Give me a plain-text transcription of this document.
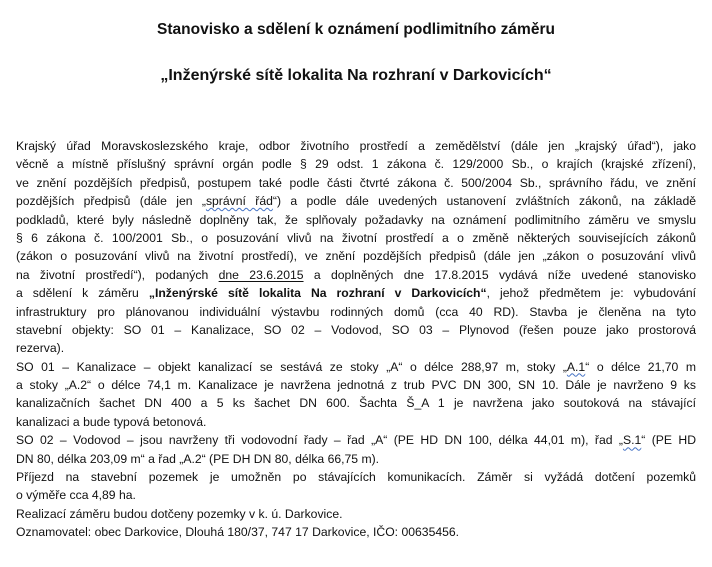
Stanovisko a sdělení k oznámení podlimitního záměru
„Inženýrské sítě lokalita Na rozhraní v Darkovicích“
Krajský úřad Moravskoslezského kraje, odbor životního prostředí a zemědělství (dále jen „krajský úřad“), jako
věcně a místně příslušný správní orgán podle § 29 odst. 1 zákona č. 129/2000 Sb., o krajích (krajské zřízení),
ve znění pozdějších předpisů, postupem také podle části čtvrté zákona č. 500/2004 Sb., správního řádu, ve znění
pozdějších předpisů (dále jen „správní řád“) a podle dále uvedených ustanovení zvláštních zákonů, na základě
podkladů, které byly následně doplněny tak, že splňovaly požadavky na oznámení podlimitního záměru ve smyslu
§ 6 zákona č. 100/2001 Sb., o posuzování vlivů na životní prostředí a o změně některých souvisejících zákonů
(zákon o posuzování vlivů na životní prostředí), ve znění pozdějších předpisů (dále jen „zákon o posuzování vlivů
na životní prostředí“), podaných dne 23.6.2015 a doplněných dne 17.8.2015 vydává níže uvedené stanovisko
a sdělení k záměru „Inženýrské sítě lokalita Na rozhraní v Darkovicích“, jehož předmětem je: vybudování
infrastruktury pro plánovanou individuální výstavbu rodinných domů (cca 40 RD). Stavba je členěna na tyto
stavební objekty: SO 01 – Kanalizace, SO 02 – Vodovod, SO 03 – Plynovod (řešen pouze jako prostorová
rezerva).
SO 01 – Kanalizace – objekt kanalizací se sestává ze stoky „A“ o délce 288,97 m, stoky „A.1“ o délce 21,70 m
a stoky „A.2“ o délce 74,1 m. Kanalizace je navržena jednotná z trub PVC DN 300, SN 10. Dále je navrženo 9 ks
kanalizačních šachet DN 400 a 5 ks šachet DN 600. Šachta Š_A 1 je navržena jako soutoková na stávající
kanalizaci a bude typová betonová.
SO 02 – Vodovod – jsou navrženy tři vodovodní řady – řad „A“ (PE HD DN 100, délka 44,01 m), řad „S.1“ (PE HD
DN 80, délka 203,09 m“ a řad „A.2“ (PE DH DN 80, délka 66,75 m).
Příjezd na stavební pozemek je umožněn po stávajících komunikacích. Záměr si vyžádá dotčení pozemků
o výměře cca 4,89 ha.
Realizací záměru budou dotčeny pozemky v k. ú. Darkovice.
Oznamovatel: obec Darkovice, Dlouhá 180/37, 747 17 Darkovice, IČO: 00635456.
